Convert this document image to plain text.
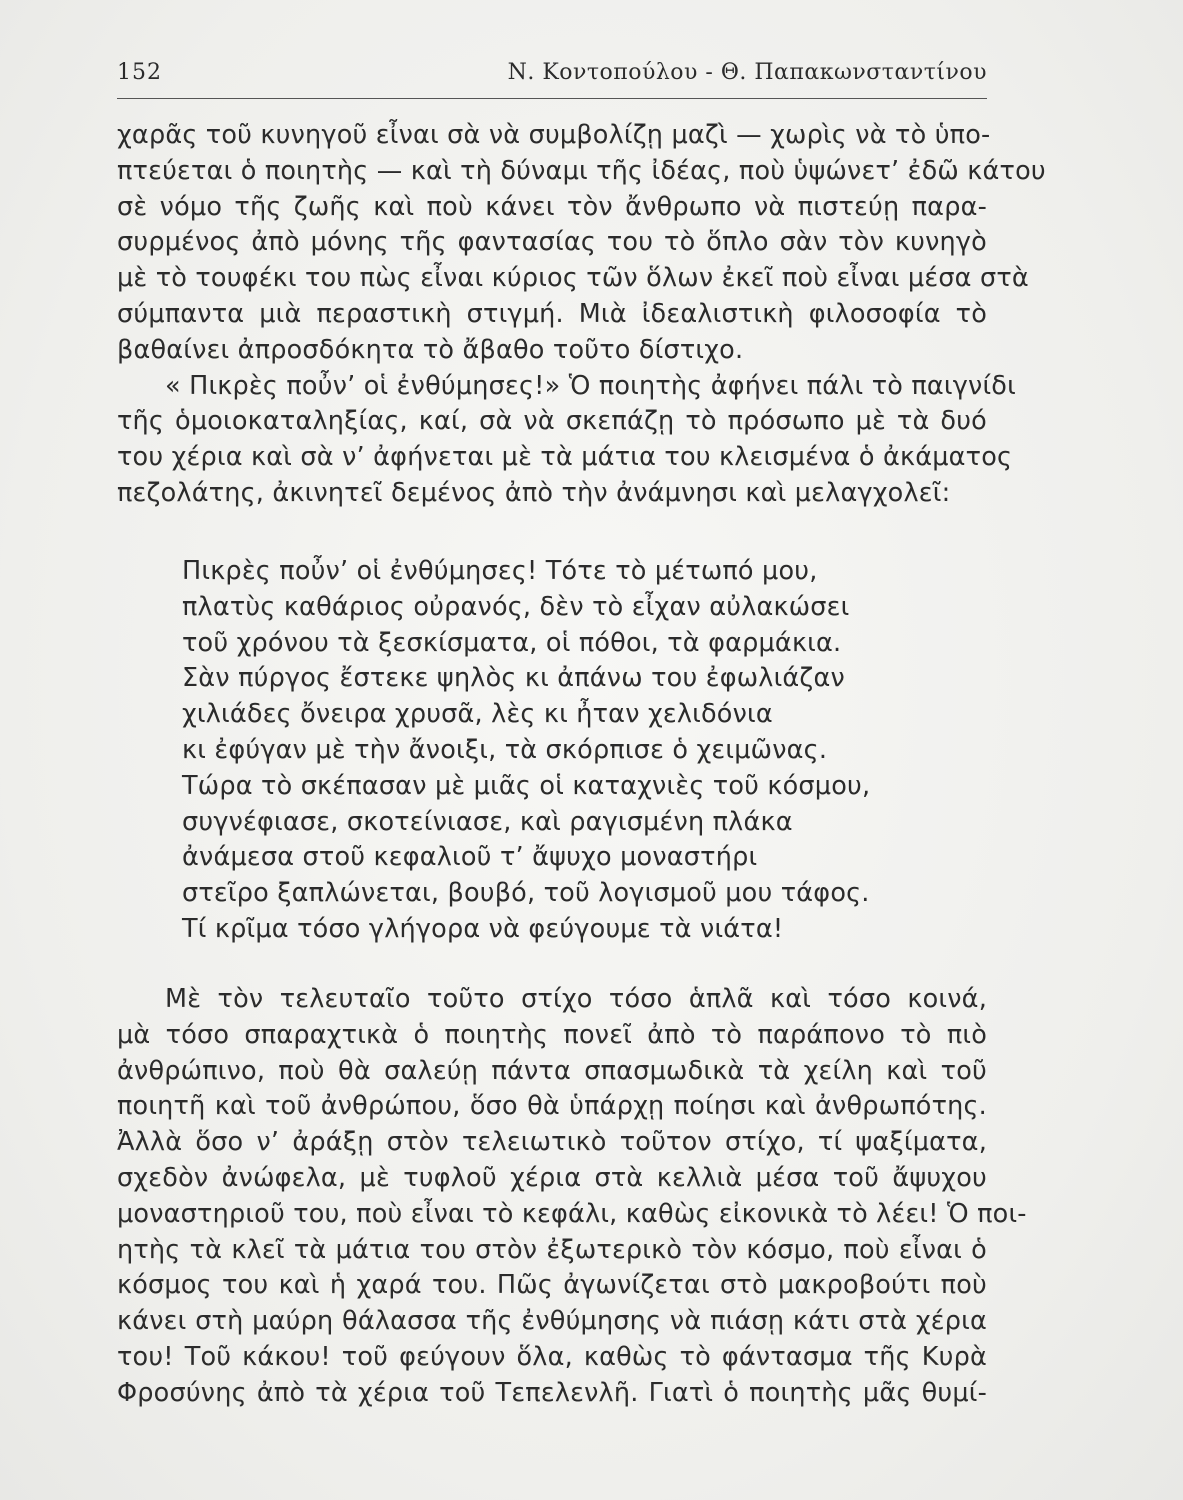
152	Ν. Κοντοπούλου - Θ. Παπακωνσταντίνου
χαρᾶς τοῦ κυνηγοῦ εἶναι σὰ νὰ συμβολίζῃ μαζὶ — χωρὶς νὰ τὸ ὑπο-
πτεύεται ὁ ποιητὴς — καὶ τὴ δύναμι τῆς ἰδέας, ποὺ ὑψώνετ’ ἐδῶ κάτου
σὲ νόμο τῆς ζωῆς καὶ ποὺ κάνει τὸν ἄνθρωπο νὰ πιστεύῃ παρα-
συρμένος ἀπὸ μόνης τῆς φαντασίας του τὸ ὅπλο σὰν τὸν κυνηγὸ
μὲ τὸ τουφέκι του πὼς εἶναι κύριος τῶν ὅλων ἐκεῖ ποὺ εἶναι μέσα στὰ
σύμπαντα μιὰ περαστικὴ στιγμή. Μιὰ ἰδεαλιστικὴ φιλοσοφία τὸ
βαθαίνει ἀπροσδόκητα τὸ ἄβαθο τοῦτο δίστιχο.
« Πικρὲς ποὖν’ οἱ ἐνθύμησες!» Ὁ ποιητὴς ἀφήνει πάλι τὸ παιγνίδι
τῆς ὁμοιοκαταληξίας, καί, σὰ νὰ σκεπάζῃ τὸ πρόσωπο μὲ τὰ δυό
του χέρια καὶ σὰ ν’ ἀφήνεται μὲ τὰ μάτια του κλεισμένα ὁ ἀκάματος
πεζολάτης, ἀκινητεῖ δεμένος ἀπὸ τὴν ἀνάμνησι καὶ μελαγχολεῖ:
Πικρὲς ποὖν’ οἱ ἐνθύμησες! Τότε τὸ μέτωπό μου,
πλατὺς καθάριος οὐρανός, δὲν τὸ εἶχαν αὐλακώσει
τοῦ χρόνου τὰ ξεσκίσματα, οἱ πόθοι, τὰ φαρμάκια.
Σὰν πύργος ἔστεκε ψηλὸς κι ἀπάνω του ἐφωλιάζαν
χιλιάδες ὄνειρα χρυσᾶ, λὲς κι ἦταν χελιδόνια
κι ἐφύγαν μὲ τὴν ἄνοιξι, τὰ σκόρπισε ὁ χειμῶνας.
Τώρα τὸ σκέπασαν μὲ μιᾶς οἱ καταχνιὲς τοῦ κόσμου,
συγνέφιασε, σκοτείνιασε, καὶ ραγισμένη πλάκα
ἀνάμεσα στοῦ κεφαλιοῦ τ’ ἄψυχο μοναστήρι
στεῖρο ξαπλώνεται, βουβό, τοῦ λογισμοῦ μου τάφος.
Τί κρῖμα τόσο γλήγορα νὰ φεύγουμε τὰ νιάτα!
Μὲ τὸν τελευταῖο τοῦτο στίχο τόσο ἁπλᾶ καὶ τόσο κοινά,
μὰ τόσο σπαραχτικὰ ὁ ποιητὴς πονεῖ ἀπὸ τὸ παράπονο τὸ πιὸ
ἀνθρώπινο, ποὺ θὰ σαλεύῃ πάντα σπασμωδικὰ τὰ χείλη καὶ τοῦ
ποιητῆ καὶ τοῦ ἀνθρώπου, ὅσο θὰ ὑπάρχῃ ποίησι καὶ ἀνθρωπότης.
Ἀλλὰ ὅσο ν’ ἀράξῃ στὸν τελειωτικὸ τοῦτον στίχο, τί ψαξίματα,
σχεδὸν ἀνώφελα, μὲ τυφλοῦ χέρια στὰ κελλιὰ μέσα τοῦ ἄψυχου
μοναστηριοῦ του, ποὺ εἶναι τὸ κεφάλι, καθὼς εἰκονικὰ τὸ λέει! Ὁ ποι-
ητὴς τὰ κλεῖ τὰ μάτια του στὸν ἐξωτερικὸ τὸν κόσμο, ποὺ εἶναι ὁ
κόσμος του καὶ ἡ χαρά του. Πῶς ἀγωνίζεται στὸ μακροβούτι ποὺ
κάνει στὴ μαύρη θάλασσα τῆς ἐνθύμησης νὰ πιάσῃ κάτι στὰ χέρια
του! Τοῦ κάκου! τοῦ φεύγουν ὅλα, καθὼς τὸ φάντασμα τῆς Κυρὰ
Φροσύνης ἀπὸ τὰ χέρια τοῦ Τεπελενλῆ. Γιατὶ ὁ ποιητὴς μᾶς θυμί-
